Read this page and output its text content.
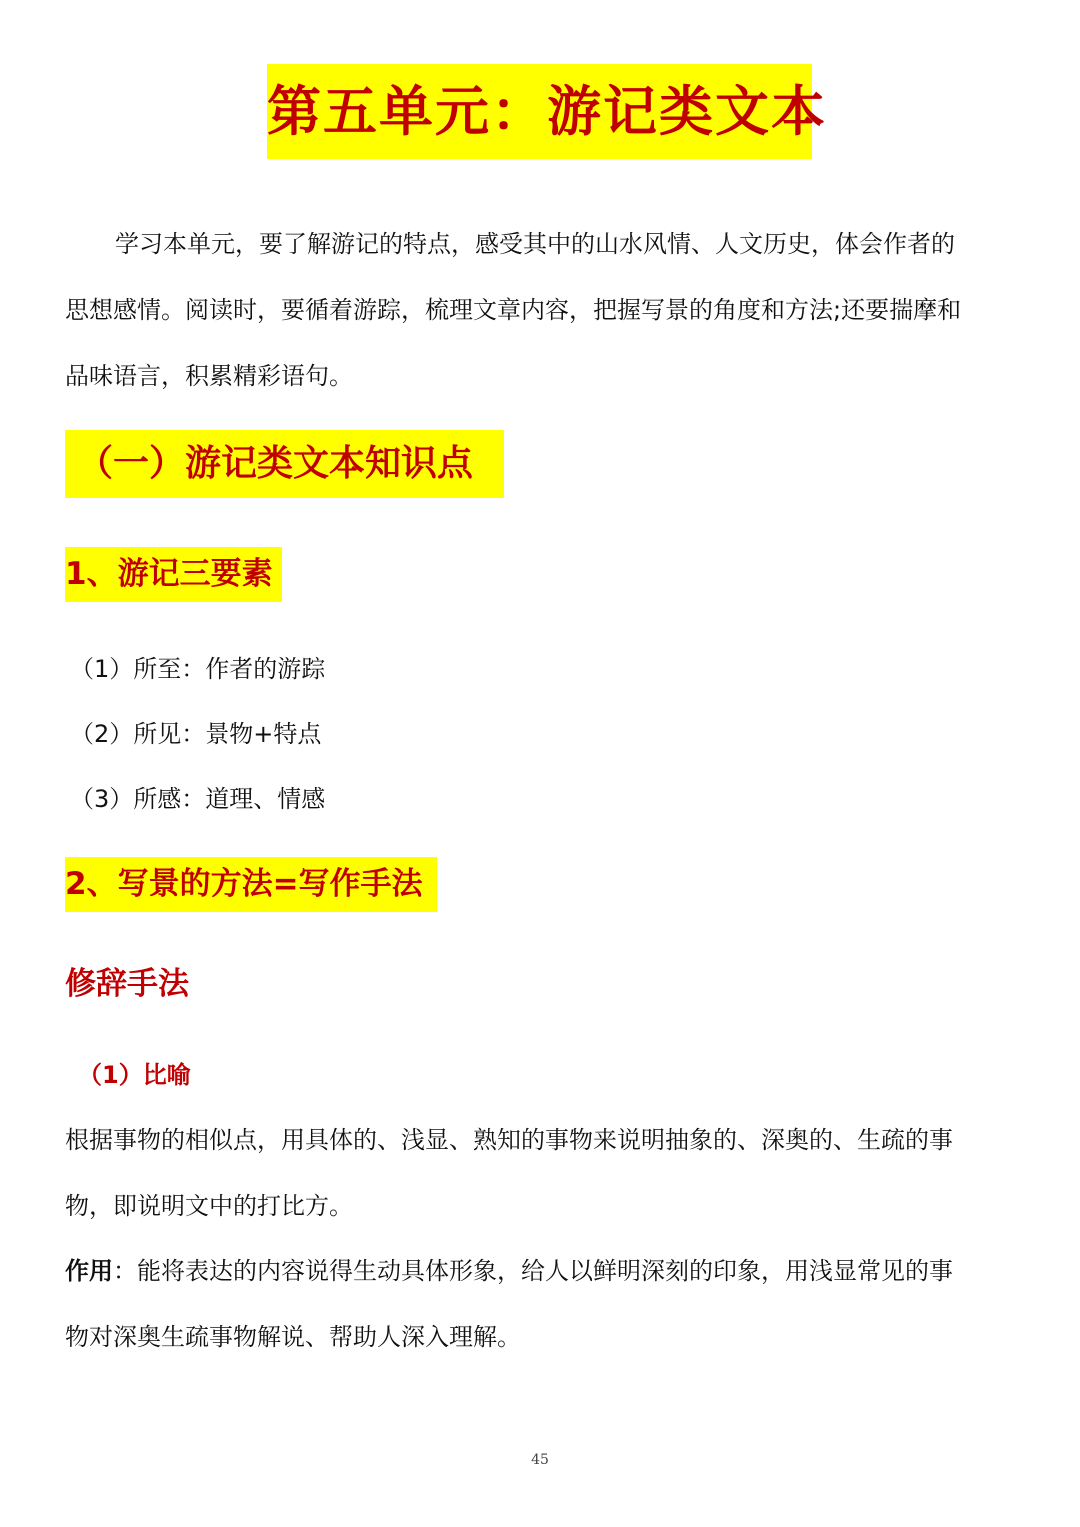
第五单元：游记类文本
学习本单元，要了解游记的特点，感受其中的山水风情、人文历史，体会作者的
思想感情。阅读时，要循着游踪，梳理文章内容，把握写景的角度和方法;还要揣摩和
品味语言，积累精彩语句。
（一）游记类文本知识点
1、游记三要素
（1）所至：作者的游踪
（2）所见：景物+特点
（3）所感：道理、情感
2、写景的方法=写作手法
修辞手法
（1）比喻
根据事物的相似点，用具体的、浅显、熟知的事物来说明抽象的、深奥的、生疏的事
物，即说明文中的打比方。
作用：能将表达的内容说得生动具体形象，给人以鲜明深刻的印象，用浅显常见的事
物对深奥生疏事物解说、帮助人深入理解。
45
